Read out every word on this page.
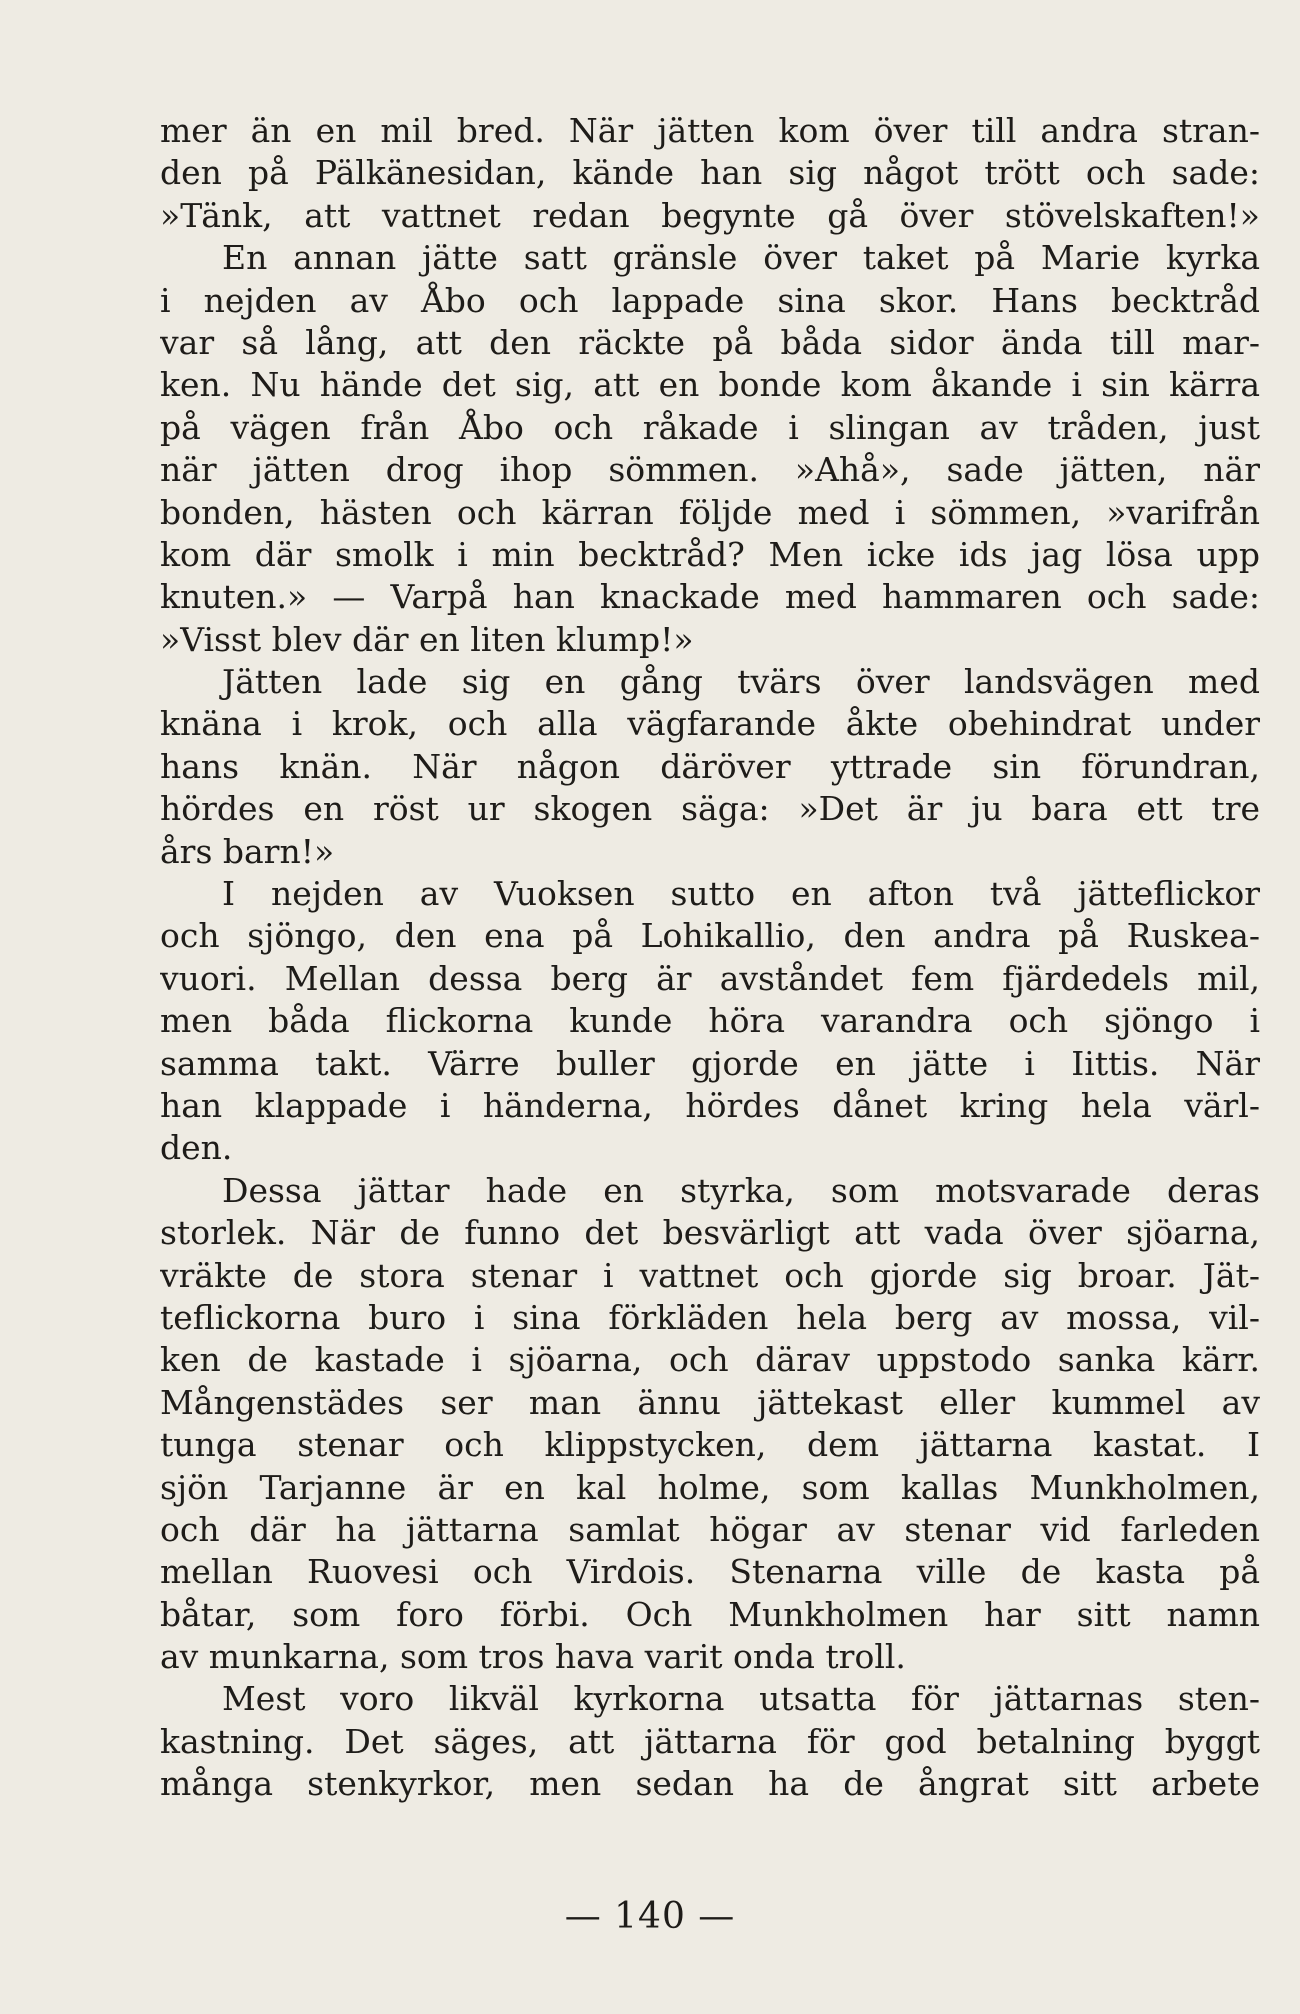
mer än en mil bred. När jätten kom över till andra stran-
den på Pälkänesidan, kände han sig något trött och sade:
»Tänk, att vattnet redan begynte gå över stövelskaften!»
En annan jätte satt gränsle över taket på Marie kyrka
i nejden av Åbo och lappade sina skor. Hans becktråd
var så lång, att den räckte på båda sidor ända till mar-
ken. Nu hände det sig, att en bonde kom åkande i sin kärra
på vägen från Åbo och råkade i slingan av tråden, just
när jätten drog ihop sömmen. »Ahå», sade jätten, när
bonden, hästen och kärran följde med i sömmen, »varifrån
kom där smolk i min becktråd? Men icke ids jag lösa upp
knuten.» — Varpå han knackade med hammaren och sade:
»Visst blev där en liten klump!»
Jätten lade sig en gång tvärs över landsvägen med
knäna i krok, och alla vägfarande åkte obehindrat under
hans knän. När någon däröver yttrade sin förundran,
hördes en röst ur skogen säga: »Det är ju bara ett tre
års barn!»
I nejden av Vuoksen sutto en afton två jätteflickor
och sjöngo, den ena på Lohikallio, den andra på Ruskea-
vuori. Mellan dessa berg är avståndet fem fjärdedels mil,
men båda flickorna kunde höra varandra och sjöngo i
samma takt. Värre buller gjorde en jätte i Iittis. När
han klappade i händerna, hördes dånet kring hela värl-
den.
Dessa jättar hade en styrka, som motsvarade deras
storlek. När de funno det besvärligt att vada över sjöarna,
vräkte de stora stenar i vattnet och gjorde sig broar. Jät-
teflickorna buro i sina förkläden hela berg av mossa, vil-
ken de kastade i sjöarna, och därav uppstodo sanka kärr.
Mångenstädes ser man ännu jättekast eller kummel av
tunga stenar och klippstycken, dem jättarna kastat. I
sjön Tarjanne är en kal holme, som kallas Munkholmen,
och där ha jättarna samlat högar av stenar vid farleden
mellan Ruovesi och Virdois. Stenarna ville de kasta på
båtar, som foro förbi. Och Munkholmen har sitt namn
av munkarna, som tros hava varit onda troll.
Mest voro likväl kyrkorna utsatta för jättarnas sten-
kastning. Det säges, att jättarna för god betalning byggt
många stenkyrkor, men sedan ha de ångrat sitt arbete
— 140 —
